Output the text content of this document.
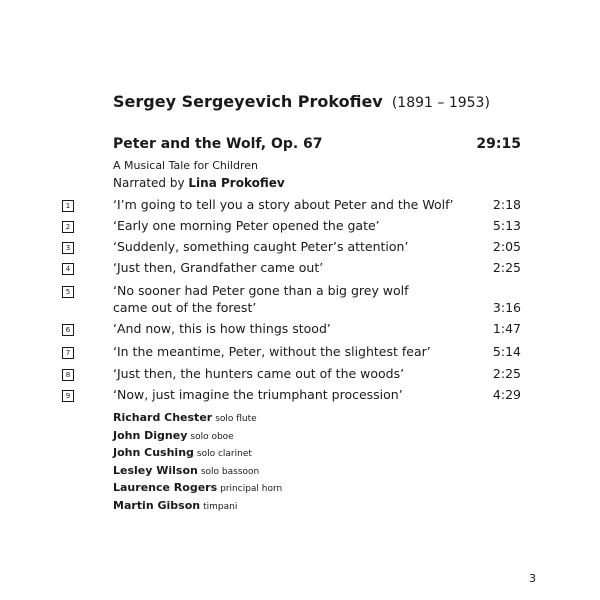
Sergey Sergeyevich Prokofiev (1891 – 1953)
Peter and the Wolf, Op. 67	29:15
A Musical Tale for Children
Narrated by Lina Prokofiev
1	‘I’m going to tell you a story about Peter and the Wolf’	2:18
2	‘Early one morning Peter opened the gate’	5:13
3	‘Suddenly, something caught Peter’s attention’	2:05
4	‘Just then, Grandfather came out’	2:25
5	‘No sooner had Peter gone than a big grey wolf came out of the forest’	3:16
6	‘And now, this is how things stood’	1:47
7	‘In the meantime, Peter, without the slightest fear’	5:14
8	‘Just then, the hunters came out of the woods’	2:25
9	‘Now, just imagine the triumphant procession’	4:29
Richard Chester solo flute
John Digney solo oboe
John Cushing solo clarinet
Lesley Wilson solo bassoon
Laurence Rogers principal horn
Martin Gibson timpani
3
